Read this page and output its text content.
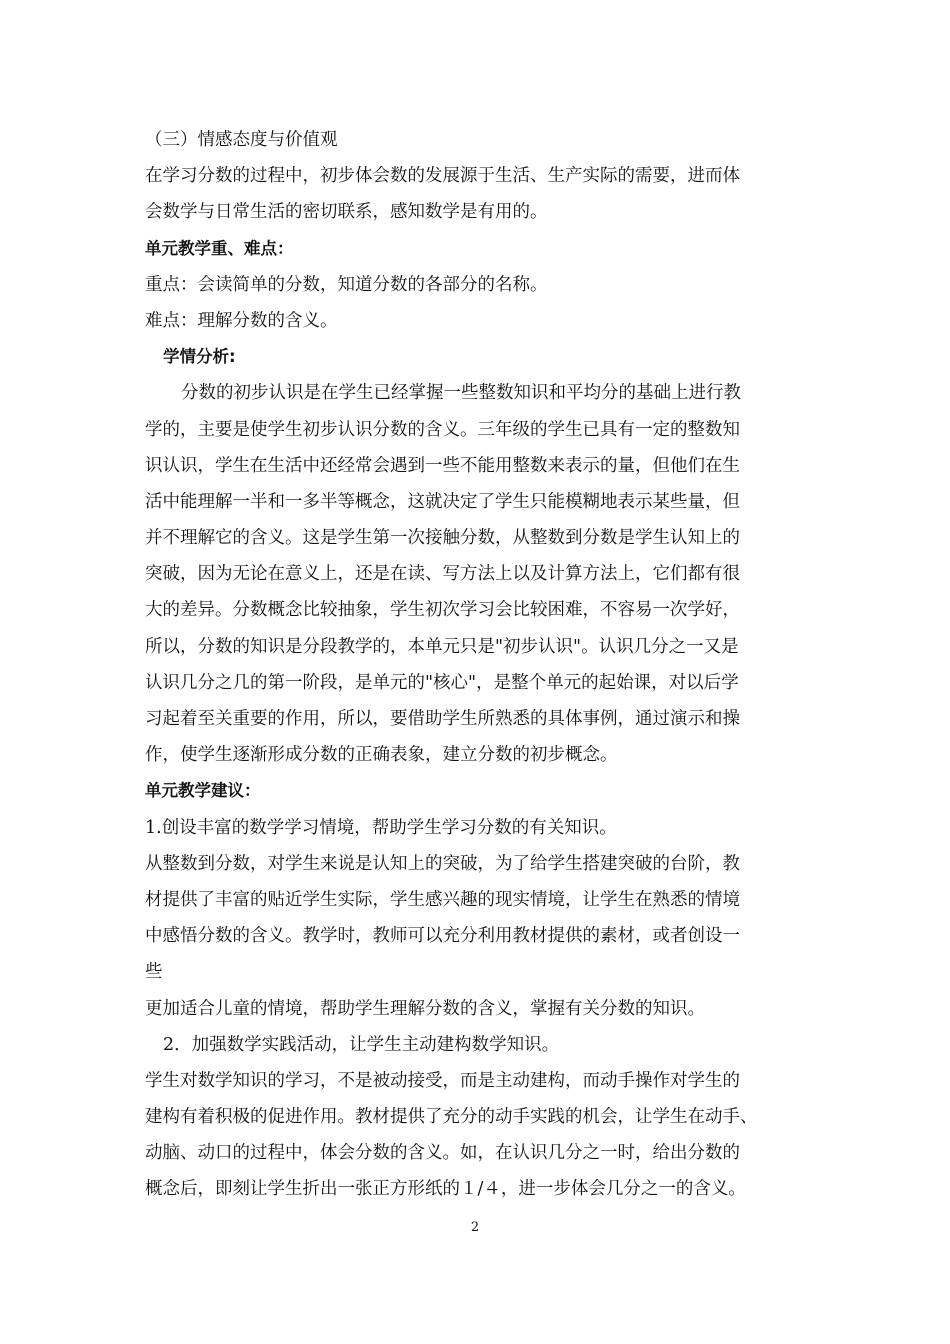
（三）情感态度与价值观
在学习分数的过程中，初步体会数的发展源于生活、生产实际的需要，进而体
会数学与日常生活的密切联系，感知数学是有用的。
单元教学重、难点：
重点：会读简单的分数，知道分数的各部分的名称。
难点：理解分数的含义。
学情分析:
分数的初步认识是在学生已经掌握一些整数知识和平均分的基础上进行教
学的，主要是使学生初步认识分数的含义。三年级的学生已具有一定的整数知
识认识，学生在生活中还经常会遇到一些不能用整数来表示的量，但他们在生
活中能理解一半和一多半等概念，这就决定了学生只能模糊地表示某些量，但
并不理解它的含义。这是学生第一次接触分数，从整数到分数是学生认知上的
突破，因为无论在意义上，还是在读、写方法上以及计算方法上，它们都有很
大的差异。分数概念比较抽象，学生初次学习会比较困难，不容易一次学好，
所以，分数的知识是分段教学的，本单元只是"初步认识"。认识几分之一又是
认识几分之几的第一阶段，是单元的"核心"，是整个单元的起始课，对以后学
习起着至关重要的作用，所以，要借助学生所熟悉的具体事例，通过演示和操
作，使学生逐渐形成分数的正确表象，建立分数的初步概念。
单元教学建议：
1.创设丰富的数学学习情境，帮助学生学习分数的有关知识。
从整数到分数，对学生来说是认知上的突破，为了给学生搭建突破的台阶，教
材提供了丰富的贴近学生实际，学生感兴趣的现实情境，让学生在熟悉的情境
中感悟分数的含义。教学时，教师可以充分利用教材提供的素材，或者创设一
些
更加适合儿童的情境，帮助学生理解分数的含义，掌握有关分数的知识。
2．加强数学实践活动，让学生主动建构数学知识。
学生对数学知识的学习，不是被动接受，而是主动建构，而动手操作对学生的
建构有着积极的促进作用。教材提供了充分的动手实践的机会，让学生在动手、
动脑、动口的过程中，体会分数的含义。如，在认识几分之一时，给出分数的
概念后，即刻让学生折出一张正方形纸的１/４，进一步体会几分之一的含义。
2
